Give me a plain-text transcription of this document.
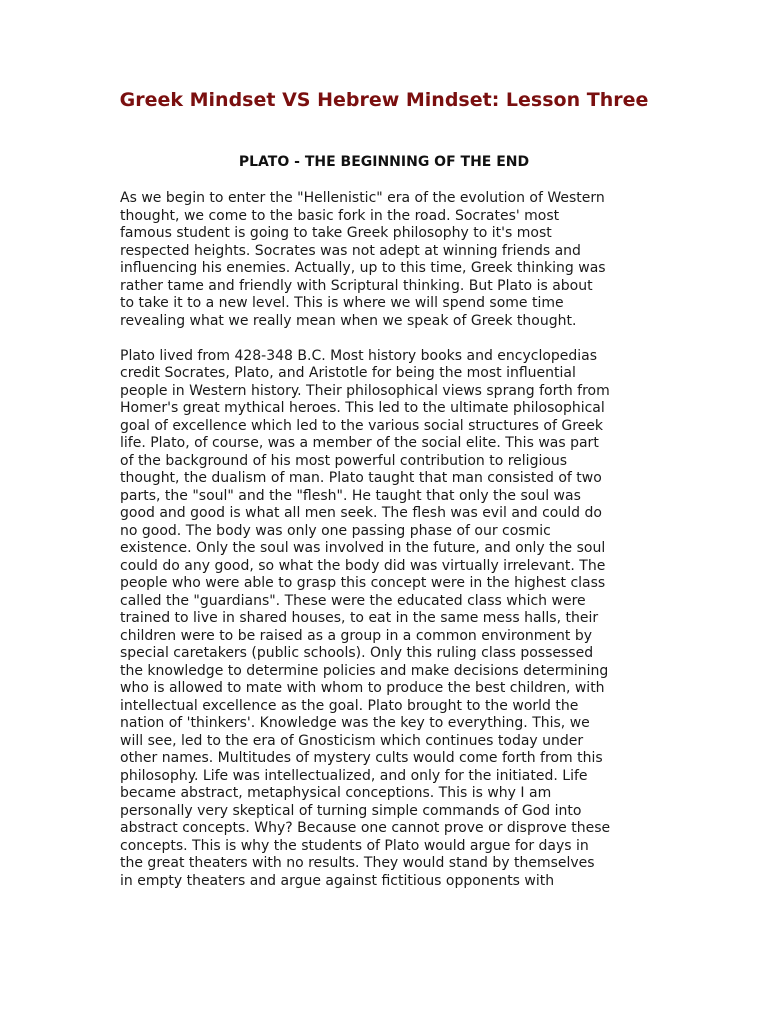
Greek Mindset VS Hebrew Mindset: Lesson Three
PLATO - THE BEGINNING OF THE END

As we begin to enter the "Hellenistic" era of the evolution of Western
thought, we come to the basic fork in the road. Socrates' most
famous student is going to take Greek philosophy to it's most
respected heights. Socrates was not adept at winning friends and
influencing his enemies. Actually, up to this time, Greek thinking was
rather tame and friendly with Scriptural thinking. But Plato is about
to take it to a new level. This is where we will spend some time
revealing what we really mean when we speak of Greek thought.

Plato lived from 428-348 B.C. Most history books and encyclopedias
credit Socrates, Plato, and Aristotle for being the most influential
people in Western history. Their philosophical views sprang forth from
Homer's great mythical heroes. This led to the ultimate philosophical
goal of excellence which led to the various social structures of Greek
life. Plato, of course, was a member of the social elite. This was part
of the background of his most powerful contribution to religious
thought, the dualism of man. Plato taught that man consisted of two
parts, the "soul" and the "flesh". He taught that only the soul was
good and good is what all men seek. The flesh was evil and could do
no good. The body was only one passing phase of our cosmic
existence. Only the soul was involved in the future, and only the soul
could do any good, so what the body did was virtually irrelevant. The
people who were able to grasp this concept were in the highest class
called the "guardians". These were the educated class which were
trained to live in shared houses, to eat in the same mess halls, their
children were to be raised as a group in a common environment by
special caretakers (public schools). Only this ruling class possessed
the knowledge to determine policies and make decisions determining
who is allowed to mate with whom to produce the best children, with
intellectual excellence as the goal. Plato brought to the world the
nation of 'thinkers'. Knowledge was the key to everything. This, we
will see, led to the era of Gnosticism which continues today under
other names. Multitudes of mystery cults would come forth from this
philosophy. Life was intellectualized, and only for the initiated. Life
became abstract, metaphysical conceptions. This is why I am
personally very skeptical of turning simple commands of God into
abstract concepts. Why? Because one cannot prove or disprove these
concepts. This is why the students of Plato would argue for days in
the great theaters with no results. They would stand by themselves
in empty theaters and argue against fictitious opponents with
